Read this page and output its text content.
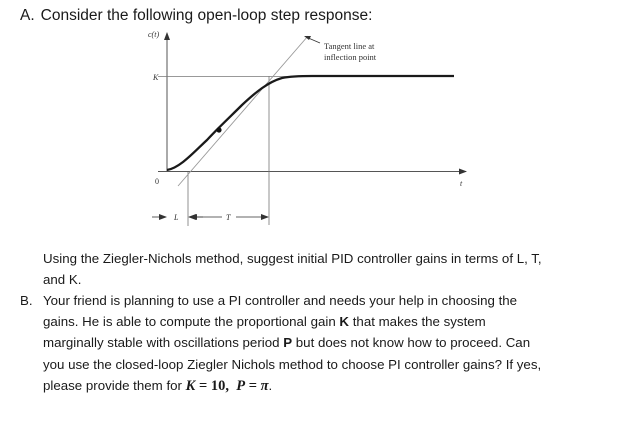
A. Consider the following open-loop step response:
c(t)
t
K
0
L	T
Tangent line at
inflection point
Using the Ziegler-Nichols method, suggest initial PID controller gains in terms of L, T,
and K.
B. Your friend is planning to use a PI controller and needs your help in choosing the
gains. He is able to compute the proportional gain K that makes the system
marginally stable with oscillations period P but does not know how to proceed. Can
you use the closed-loop Ziegler Nichols method to choose PI controller gains? If yes,
please provide them for K = 10,  P = π.
